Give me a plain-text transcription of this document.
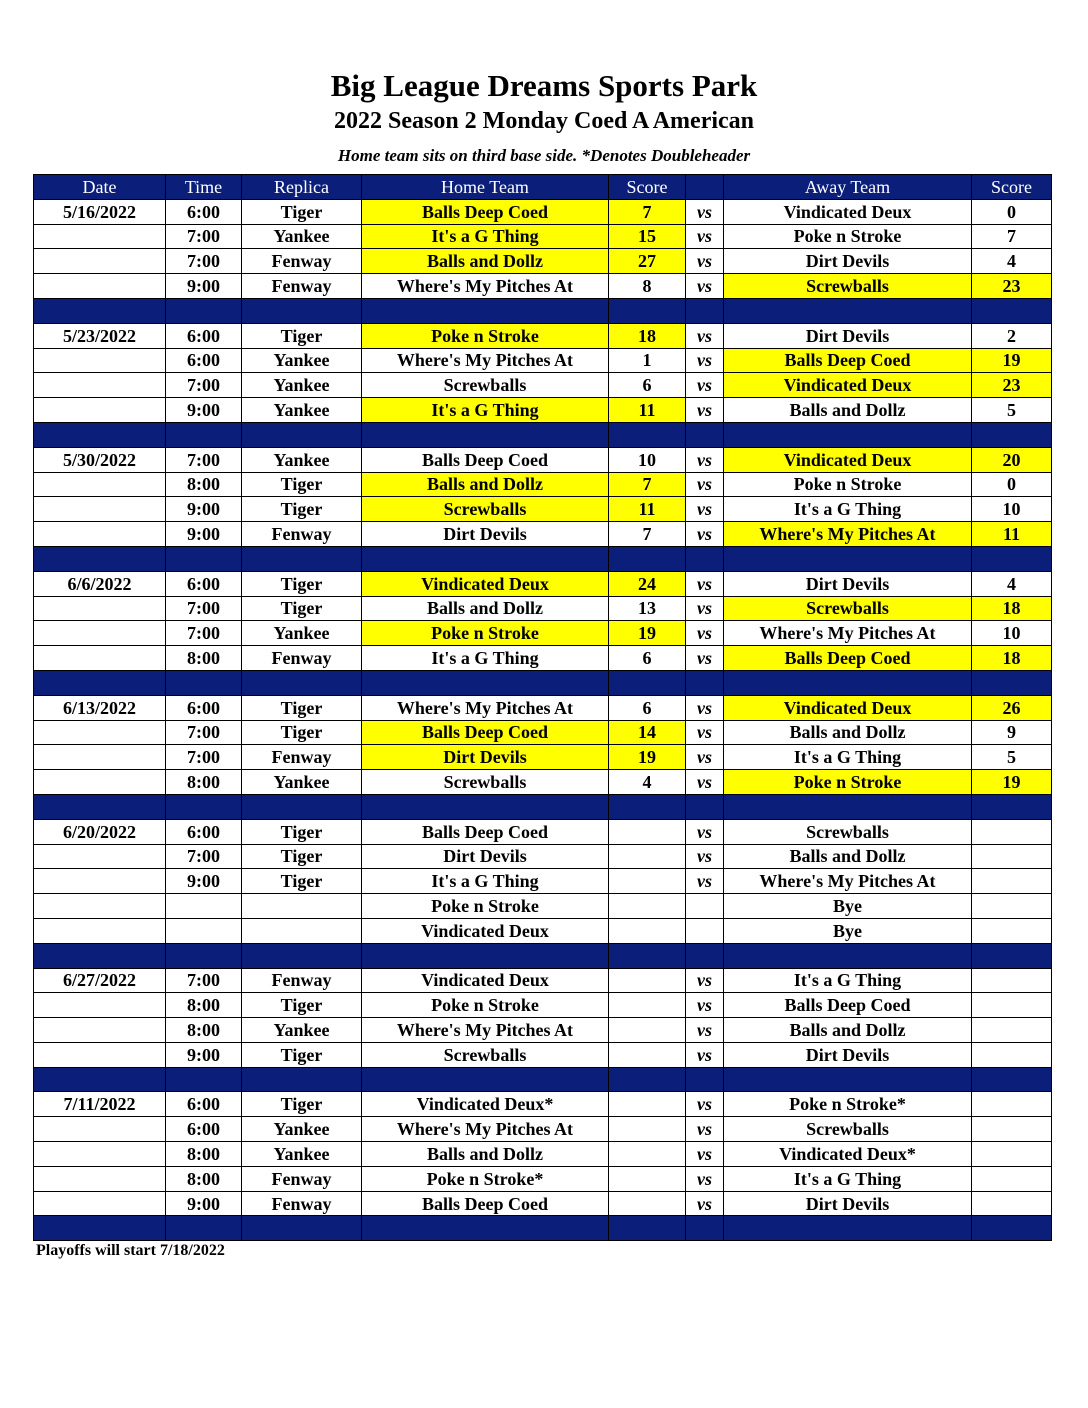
Big League Dreams Sports Park
2022 Season 2 Monday Coed A American
Home team sits on third base side. *Denotes Doubleheader
Date	Time	Replica	Home Team	Score		Away Team	Score
5/16/2022	6:00	Tiger	Balls Deep Coed	7	vs	Vindicated Deux	0
	7:00	Yankee	It's a G Thing	15	vs	Poke n Stroke	7
	7:00	Fenway	Balls and Dollz	27	vs	Dirt Devils	4
	9:00	Fenway	Where's My Pitches At	8	vs	Screwballs	23

5/23/2022	6:00	Tiger	Poke n Stroke	18	vs	Dirt Devils	2
	6:00	Yankee	Where's My Pitches At	1	vs	Balls Deep Coed	19
	7:00	Yankee	Screwballs	6	vs	Vindicated Deux	23
	9:00	Yankee	It's a G Thing	11	vs	Balls and Dollz	5

5/30/2022	7:00	Yankee	Balls Deep Coed	10	vs	Vindicated Deux	20
	8:00	Tiger	Balls and Dollz	7	vs	Poke n Stroke	0
	9:00	Tiger	Screwballs	11	vs	It's a G Thing	10
	9:00	Fenway	Dirt Devils	7	vs	Where's My Pitches At	11

6/6/2022	6:00	Tiger	Vindicated Deux	24	vs	Dirt Devils	4
	7:00	Tiger	Balls and Dollz	13	vs	Screwballs	18
	7:00	Yankee	Poke n Stroke	19	vs	Where's My Pitches At	10
	8:00	Fenway	It's a G Thing	6	vs	Balls Deep Coed	18

6/13/2022	6:00	Tiger	Where's My Pitches At	6	vs	Vindicated Deux	26
	7:00	Tiger	Balls Deep Coed	14	vs	Balls and Dollz	9
	7:00	Fenway	Dirt Devils	19	vs	It's a G Thing	5
	8:00	Yankee	Screwballs	4	vs	Poke n Stroke	19

6/20/2022	6:00	Tiger	Balls Deep Coed		vs	Screwballs	
	7:00	Tiger	Dirt Devils		vs	Balls and Dollz	
	9:00	Tiger	It's a G Thing		vs	Where's My Pitches At	
			Poke n Stroke			Bye	
			Vindicated Deux			Bye	

6/27/2022	7:00	Fenway	Vindicated Deux		vs	It's a G Thing	
	8:00	Tiger	Poke n Stroke		vs	Balls Deep Coed	
	8:00	Yankee	Where's My Pitches At		vs	Balls and Dollz	
	9:00	Tiger	Screwballs		vs	Dirt Devils	

7/11/2022	6:00	Tiger	Vindicated Deux*		vs	Poke n Stroke*	
	6:00	Yankee	Where's My Pitches At		vs	Screwballs	
	8:00	Yankee	Balls and Dollz		vs	Vindicated Deux*	
	8:00	Fenway	Poke n Stroke*		vs	It's a G Thing	
	9:00	Fenway	Balls Deep Coed		vs	Dirt Devils	

Playoffs will start 7/18/2022
